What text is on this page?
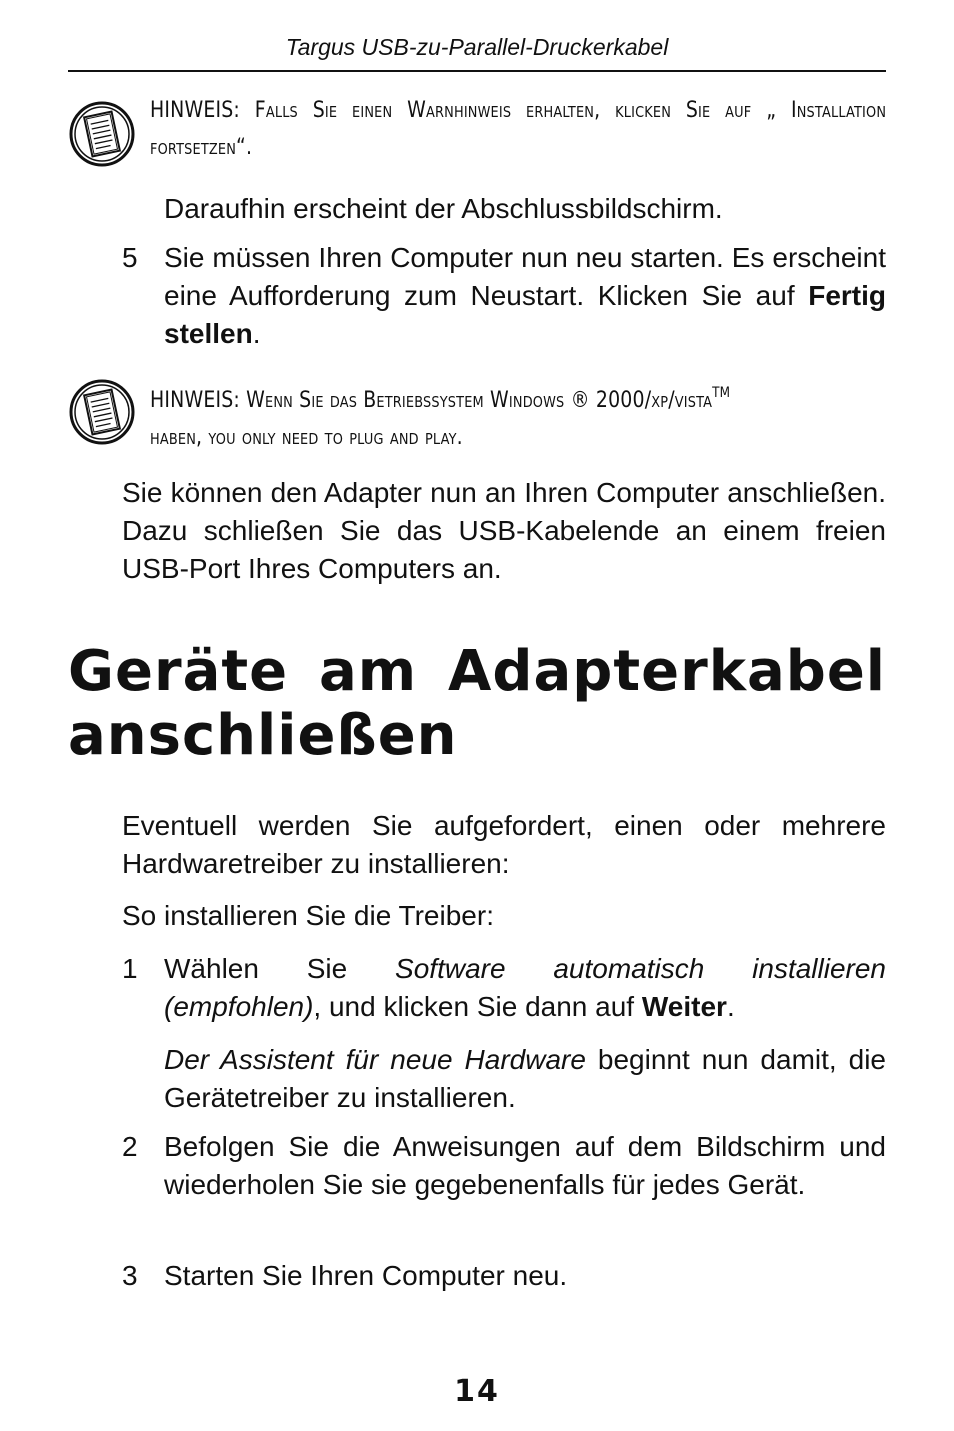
Targus USB-zu-Parallel-Druckerkabel
HINWEIS: Falls Sie einen Warnhinweis erhalten, klicken Sie auf „ Installation fortsetzen“.
Daraufhin erscheint der Abschlussbildschirm.
5 Sie müssen Ihren Computer nun neu starten. Es erscheint eine Aufforderung zum Neustart. Klicken Sie auf Fertig stellen.
HINWEIS: Wenn Sie das Betriebssystem Windows ® 2000/xp/vista™
haben, you only need to plug and play.
Sie können den Adapter nun an Ihren Computer anschließen. Dazu schließen Sie das USB-Kabelende an einem freien USB-Port Ihres Computers an.
Geräte am Adapterkabel
anschließen
Eventuell werden Sie aufgefordert, einen oder mehrere Hardwaretreiber zu installieren:
So installieren Sie die Treiber:
1 Wählen Sie Software automatisch installieren (empfohlen), und klicken Sie dann auf Weiter.
Der Assistent für neue Hardware beginnt nun damit, die Gerätetreiber zu installieren.
2 Befolgen Sie die Anweisungen auf dem Bildschirm und wiederholen Sie sie gegebenenfalls für jedes Gerät.
3 Starten Sie Ihren Computer neu.
14
